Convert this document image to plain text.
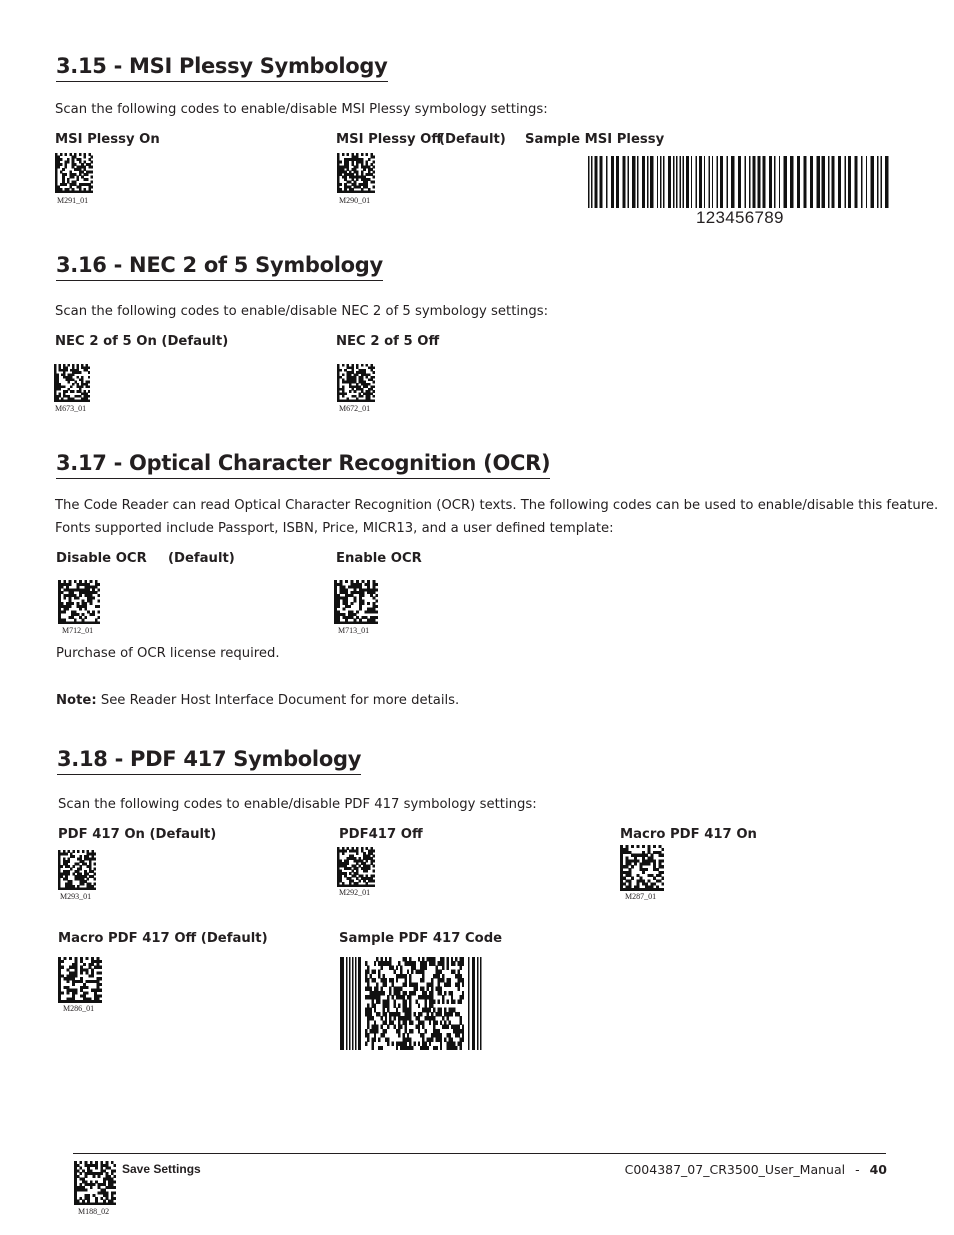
3.15 - MSI Plessy Symbology
Scan the following codes to enable/disable MSI Plessy symbology settings:
MSI Plessy On
M291_01
MSI Plessy Off
(Default)
M290_01
Sample MSI Plessy
123456789
3.16 - NEC 2 of 5 Symbology
Scan the following codes to enable/disable NEC 2 of 5 symbology settings:
NEC 2 of 5 On (Default)
M673_01
NEC 2 of 5 Off
M672_01
3.17 - Optical Character Recognition (OCR)
The Code Reader can read Optical Character Recognition (OCR) texts. The following codes can be used to enable/disable this feature.
Fonts supported include Passport, ISBN, Price, MICR13, and a user defined template:
Disable OCR (Default)
M712_01
Enable OCR
M713_01
Purchase of OCR license required.
Note: See Reader Host Interface Document for more details.
3.18 - PDF 417 Symbology
Scan the following codes to enable/disable PDF 417 symbology settings:
PDF 417 On (Default)
M293_01
PDF417 Off
M292_01
Macro PDF 417 On
M287_01
Macro PDF 417 Off (Default)
M286_01
Sample PDF 417 Code
M188_02
Save Settings	C004387_07_CR3500_User_Manual - 40
